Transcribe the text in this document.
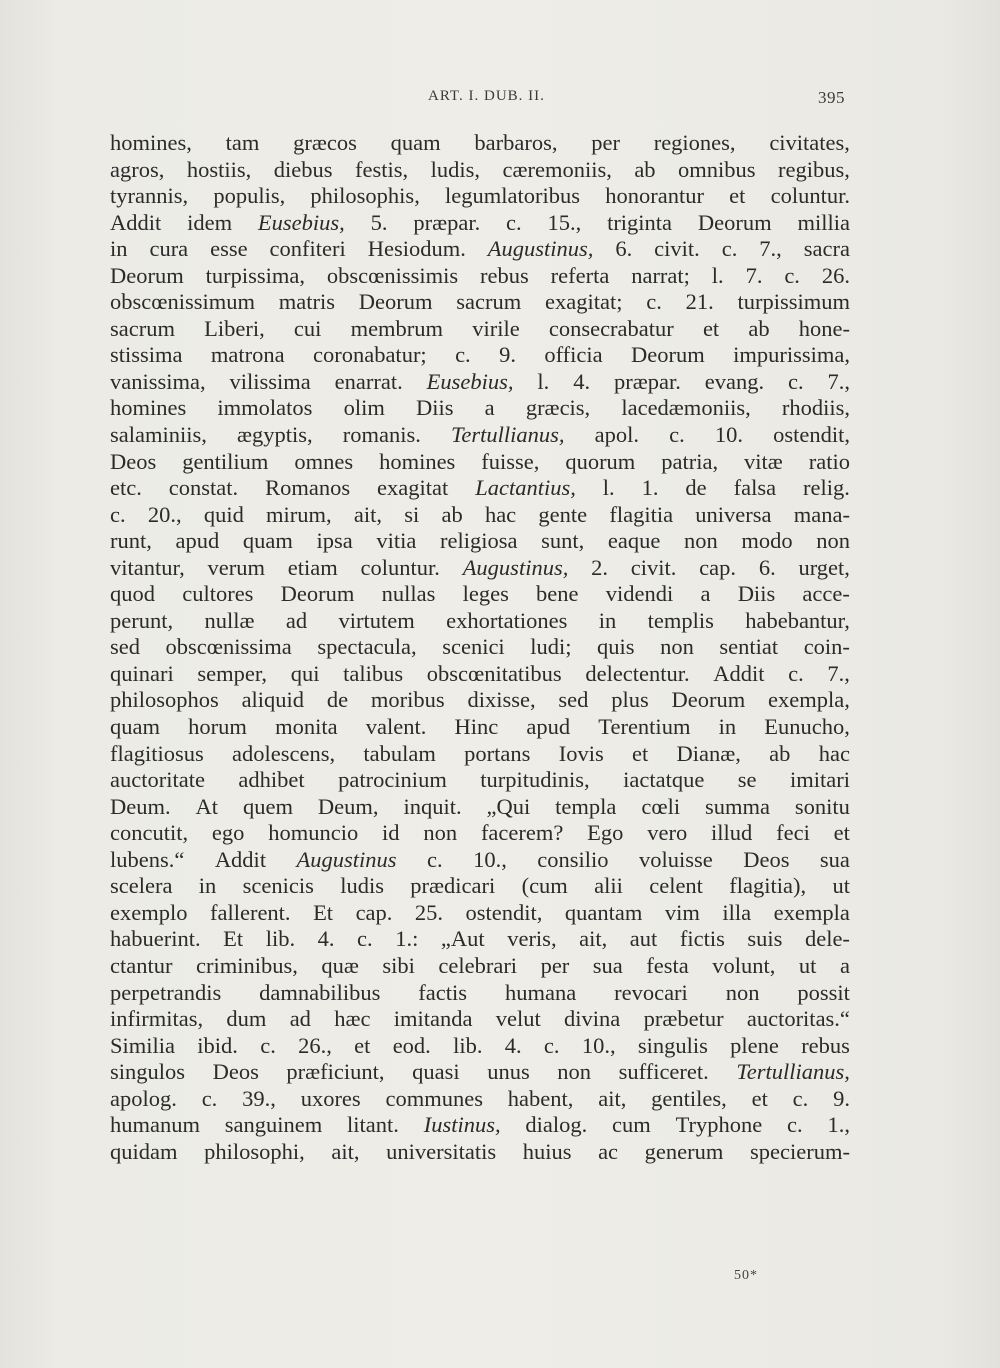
ART. I. DUB. II.	395
homines, tam græcos quam barbaros, per regiones, civitates,
agros, hostiis, diebus festis, ludis, cæremoniis, ab omnibus regibus,
tyrannis, populis, philosophis, legumlatoribus honorantur et coluntur.
Addit idem Eusebius, 5. præpar. c. 15., triginta Deorum millia
in cura esse confiteri Hesiodum. Augustinus, 6. civit. c. 7., sacra
Deorum turpissima, obscœnissimis rebus referta narrat; l. 7. c. 26.
obscœnissimum matris Deorum sacrum exagitat; c. 21. turpissimum
sacrum Liberi, cui membrum virile consecrabatur et ab hone-
stissima matrona coronabatur; c. 9. officia Deorum impurissima,
vanissima, vilissima enarrat. Eusebius, l. 4. præpar. evang. c. 7.,
homines immolatos olim Diis a græcis, lacedæmoniis, rhodiis,
salaminiis, ægyptis, romanis. Tertullianus, apol. c. 10. ostendit,
Deos gentilium omnes homines fuisse, quorum patria, vitæ ratio
etc. constat. Romanos exagitat Lactantius, l. 1. de falsa relig.
c. 20., quid mirum, ait, si ab hac gente flagitia universa mana-
runt, apud quam ipsa vitia religiosa sunt, eaque non modo non
vitantur, verum etiam coluntur. Augustinus, 2. civit. cap. 6. urget,
quod cultores Deorum nullas leges bene videndi a Diis acce-
perunt, nullæ ad virtutem exhortationes in templis habebantur,
sed obscœnissima spectacula, scenici ludi; quis non sentiat coin-
quinari semper, qui talibus obscœnitatibus delectentur. Addit c. 7.,
philosophos aliquid de moribus dixisse, sed plus Deorum exempla,
quam horum monita valent. Hinc apud Terentium in Eunucho,
flagitiosus adolescens, tabulam portans Iovis et Dianæ, ab hac
auctoritate adhibet patrocinium turpitudinis, iactatque se imitari
Deum. At quem Deum, inquit. „Qui templa cœli summa sonitu
concutit, ego homuncio id non facerem? Ego vero illud feci et
lubens.“ Addit Augustinus c. 10., consilio voluisse Deos sua
scelera in scenicis ludis prædicari (cum alii celent flagitia), ut
exemplo fallerent. Et cap. 25. ostendit, quantam vim illa exempla
habuerint. Et lib. 4. c. 1.: „Aut veris, ait, aut fictis suis dele-
ctantur criminibus, quæ sibi celebrari per sua festa volunt, ut a
perpetrandis damnabilibus factis humana revocari non possit
infirmitas, dum ad hæc imitanda velut divina præbetur auctoritas.“
Similia ibid. c. 26., et eod. lib. 4. c. 10., singulis plene rebus
singulos Deos præficiunt, quasi unus non sufficeret. Tertullianus,
apolog. c. 39., uxores communes habent, ait, gentiles, et c. 9.
humanum sanguinem litant. Iustinus, dialog. cum Tryphone c. 1.,
quidam philosophi, ait, universitatis huius ac generum specierum-
50*
